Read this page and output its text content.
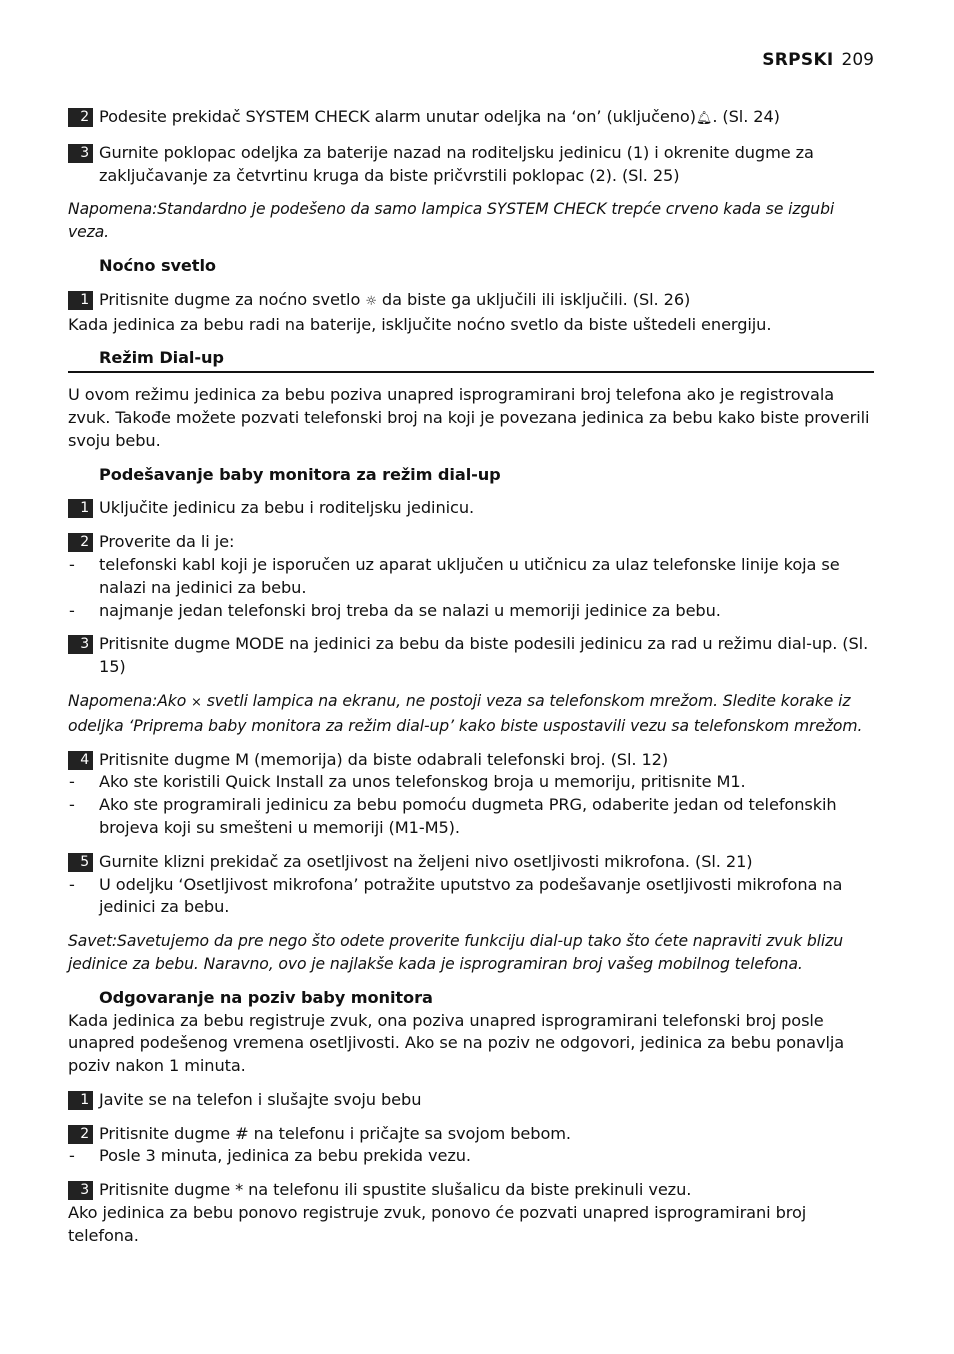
SRPSKI 209
2 Podesite prekidač SYSTEM CHECK alarm unutar odeljka na ‘on’ (uključeno)🔔︎. (Sl. 24)
3 Gurnite poklopac odeljka za baterije nazad na roditeljsku jedinicu (1) i okrenite dugme za zaključavanje za četvrtinu kruga da biste pričvrstili poklopac (2). (Sl. 25)
Napomena:Standardno je podešeno da samo lampica SYSTEM CHECK trepće crveno kada se izgubi veza.
Noćno svetlo
1 Pritisnite dugme za noćno svetlo ☼ da biste ga uključili ili isključili. (Sl. 26)
Kada jedinica za bebu radi na baterije, isključite noćno svetlo da biste uštedeli energiju.
Režim Dial-up
U ovom režimu jedinica za bebu poziva unapred isprogramirani broj telefona ako je registrovala zvuk. Takođe možete pozvati telefonski broj na koji je povezana jedinica za bebu kako biste proverili svoju bebu.
Podešavanje baby monitora za režim dial-up
1 Uključite jedinicu za bebu i roditeljsku jedinicu.
2 Proverite da li je:
- telefonski kabl koji je isporučen uz aparat uključen u utičnicu za ulaz telefonske linije koja se nalazi na jedinici za bebu.
- najmanje jedan telefonski broj treba da se nalazi u memoriji jedinice za bebu.
3 Pritisnite dugme MODE na jedinici za bebu da biste podesili jedinicu za rad u režimu dial-up. (Sl. 15)
Napomena:Ako ⨯ svetli lampica na ekranu, ne postoji veza sa telefonskom mrežom. Sledite korake iz odeljka ‘Priprema baby monitora za režim dial-up’ kako biste uspostavili vezu sa telefonskom mrežom.
4 Pritisnite dugme M (memorija) da biste odabrali telefonski broj. (Sl. 12)
- Ako ste koristili Quick Install za unos telefonskog broja u memoriju, pritisnite M1.
- Ako ste programirali jedinicu za bebu pomoću dugmeta PRG, odaberite jedan od telefonskih brojeva koji su smešteni u memoriji (M1-M5).
5 Gurnite klizni prekidač za osetljivost na željeni nivo osetljivosti mikrofona. (Sl. 21)
- U odeljku ‘Osetljivost mikrofona’ potražite uputstvo za podešavanje osetljivosti mikrofona na jedinici za bebu.
Savet:Savetujemo da pre nego što odete proverite funkciju dial-up tako što ćete napraviti zvuk blizu jedinice za bebu. Naravno, ovo je najlakše kada je isprogramiran broj vašeg mobilnog telefona.
Odgovaranje na poziv baby monitora
Kada jedinica za bebu registruje zvuk, ona poziva unapred isprogramirani telefonski broj posle unapred podešenog vremena osetljivosti. Ako se na poziv ne odgovori, jedinica za bebu ponavlja poziv nakon 1 minuta.
1 Javite se na telefon i slušajte svoju bebu
2 Pritisnite dugme # na telefonu i pričajte sa svojom bebom.
- Posle 3 minuta, jedinica za bebu prekida vezu.
3 Pritisnite dugme * na telefonu ili spustite slušalicu da biste prekinuli vezu.
Ako jedinica za bebu ponovo registruje zvuk, ponovo će pozvati unapred isprogramirani broj telefona.
